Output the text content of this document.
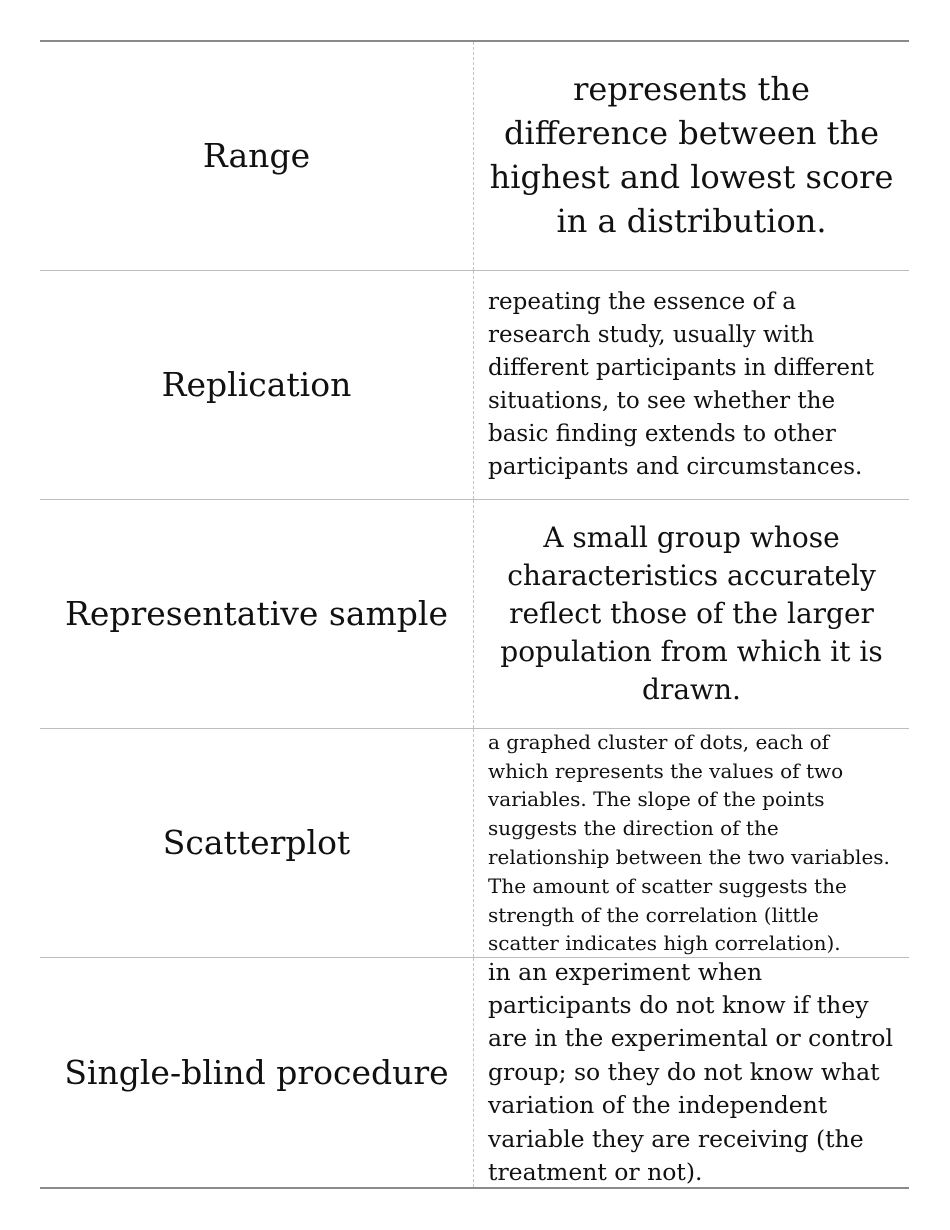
Range
represents the difference between the highest and lowest score in a distribution.
Replication
repeating the essence of a research study, usually with different participants in different situations, to see whether the basic finding extends to other participants and circumstances.
Representative sample
A small group whose characteristics accurately reflect those of the larger population from which it is drawn.
Scatterplot
a graphed cluster of dots, each of which represents the values of two variables. The slope of the points suggests the direction of the relationship between the two variables. The amount of scatter suggests the strength of the correlation (little scatter indicates high correlation).
Single-blind procedure
in an experiment when participants do not know if they are in the experimental or control group; so they do not know what variation of the independent variable they are receiving (the treatment or not).
